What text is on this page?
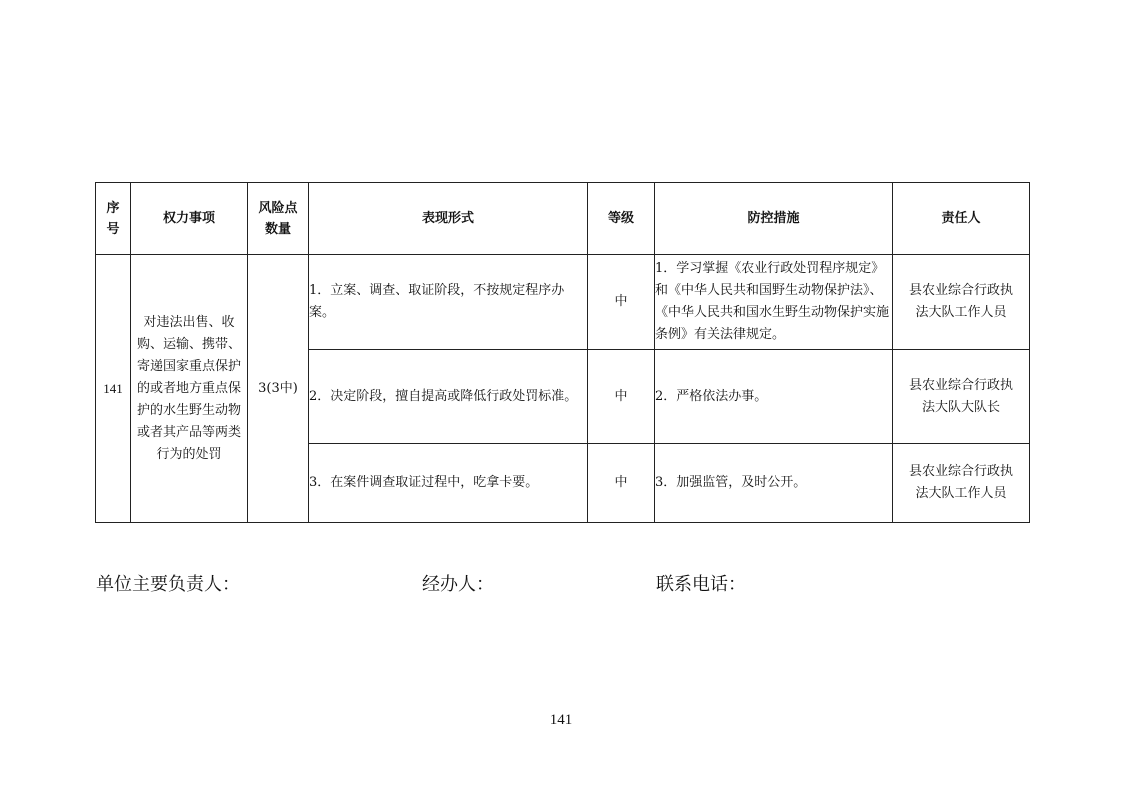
序号	权力事项	风险点数量	表现形式	等级	防控措施	责任人
141	对违法出售、收购、运输、携带、寄递国家重点保护的或者地方重点保护的水生野生动物或者其产品等两类行为的处罚	3(3中)	1．立案、调查、取证阶段，不按规定程序办案。	中	1．学习掌握《农业行政处罚程序规定》和《中华人民共和国野生动物保护法》、《中华人民共和国水生野生动物保护实施条例》有关法律规定。	县农业综合行政执法大队工作人员
			2．决定阶段，擅自提高或降低行政处罚标准。	中	2．严格依法办事。	县农业综合行政执法大队大队长
			3．在案件调查取证过程中，吃拿卡要。	中	3．加强监管，及时公开。	县农业综合行政执法大队工作人员
单位主要负责人：	经办人：	联系电话：
141
